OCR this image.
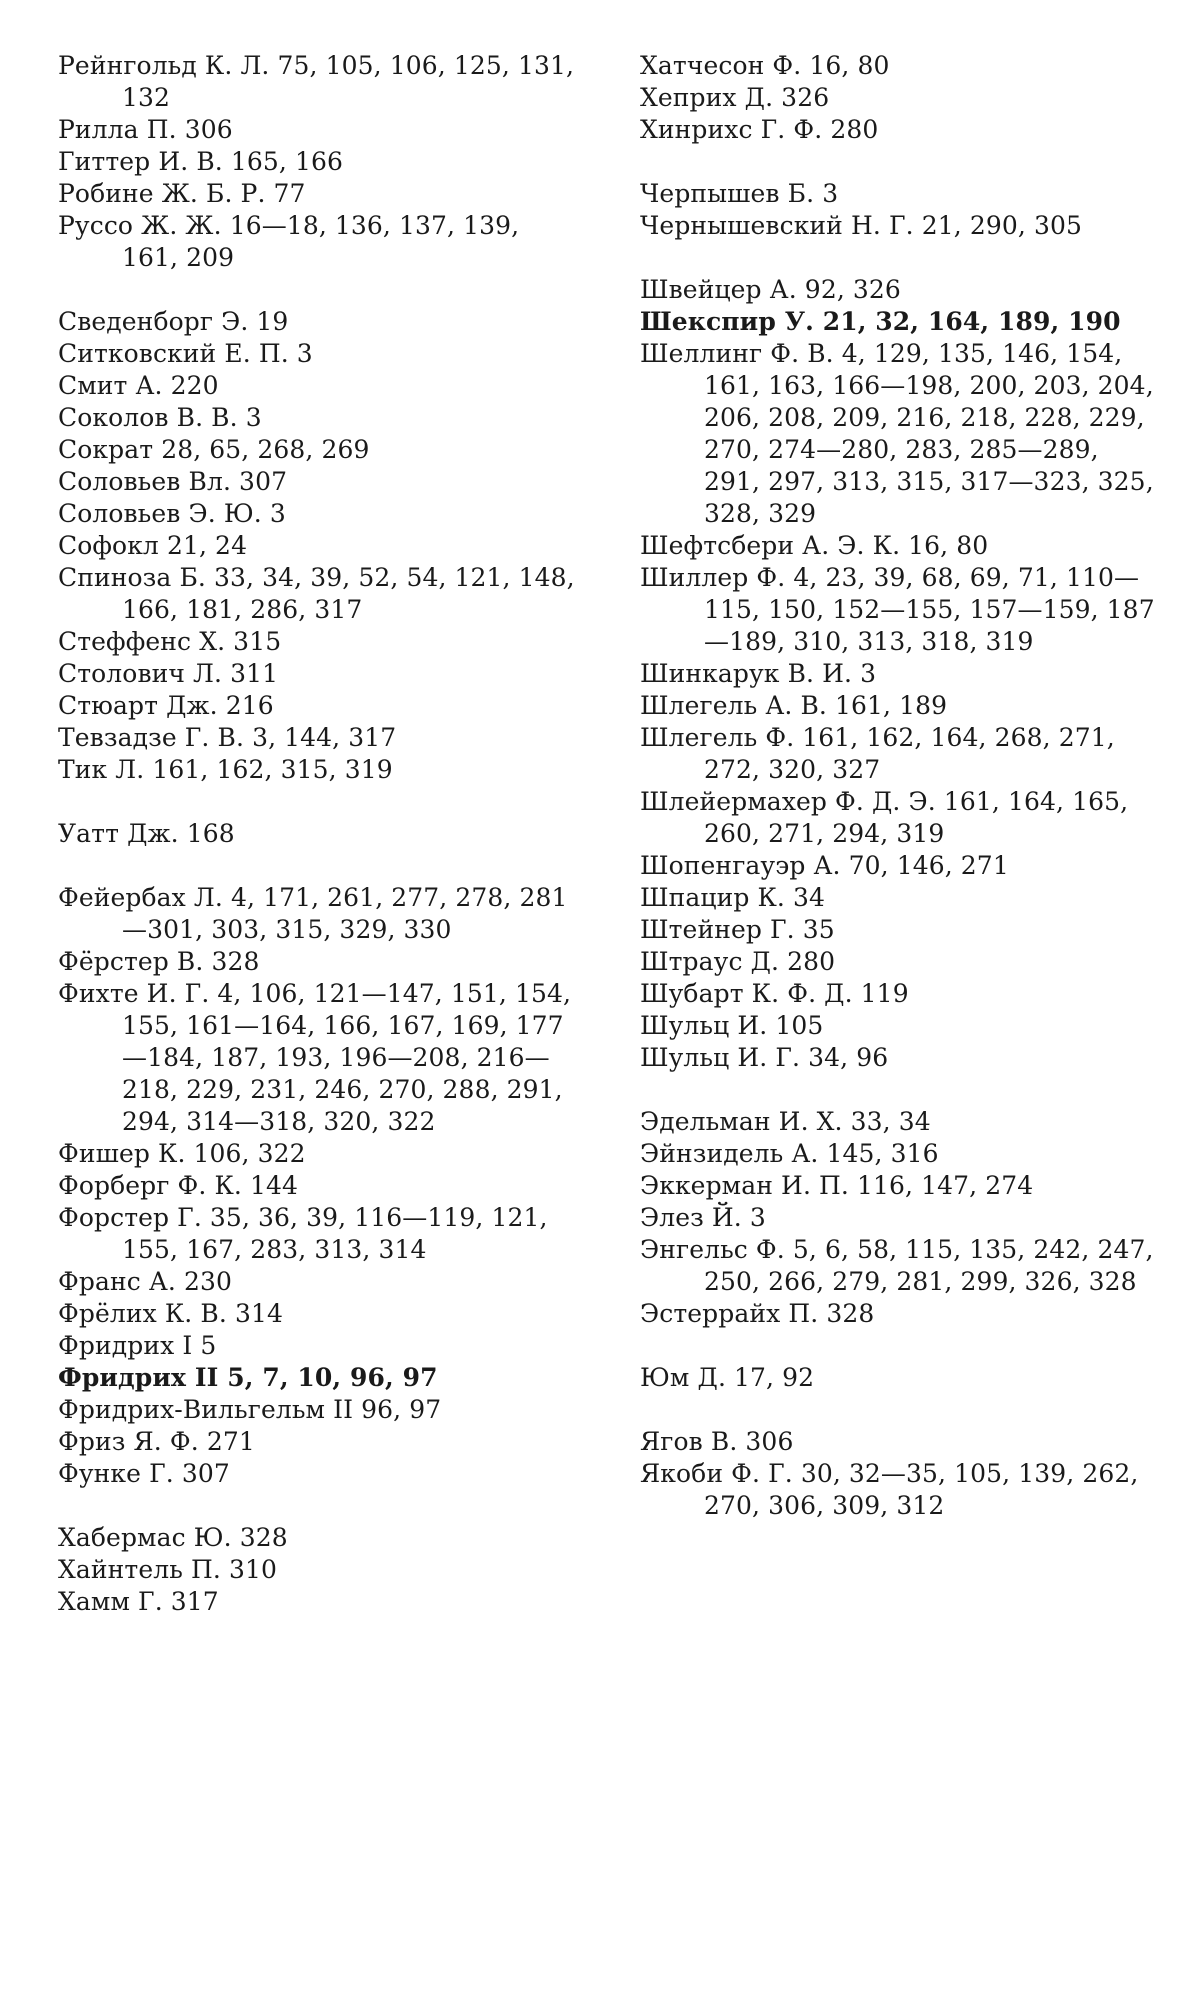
Рейнгольд К. Л. 75, 105, 106, 125, 131, 132
Рилла П. 306
Гиттер И. В. 165, 166
Робине Ж. Б. Р. 77
Руссо Ж. Ж. 16—18, 136, 137, 139, 161, 209
Сведенборг Э. 19
Ситковский Е. П. 3
Смит А. 220
Соколов В. В. 3
Сократ 28, 65, 268, 269
Соловьев Вл. 307
Соловьев Э. Ю. 3
Софокл 21, 24
Спиноза Б. 33, 34, 39, 52, 54, 121, 148, 166, 181, 286, 317
Стеффенс Х. 315
Столович Л. 311
Стюарт Дж. 216
Тевзадзе Г. В. 3, 144, 317
Тик Л. 161, 162, 315, 319
Уатт Дж. 168
Фейербах Л. 4, 171, 261, 277, 278, 281—301, 303, 315, 329, 330
Фёрстер В. 328
Фихте И. Г. 4, 106, 121—147, 151, 154, 155, 161—164, 166, 167, 169, 177—184, 187, 193, 196—208, 216—218, 229, 231, 246, 270, 288, 291, 294, 314—318, 320, 322
Фишер К. 106, 322
Форберг Ф. К. 144
Форстер Г. 35, 36, 39, 116—119, 121, 155, 167, 283, 313, 314
Франс А. 230
Фрёлих К. В. 314
Фридрих I 5
Фридрих II 5, 7, 10, 96, 97
Фридрих-Вильгельм II 96, 97
Фриз Я. Ф. 271
Функе Г. 307
Хабермас Ю. 328
Хайнтель П. 310
Хамм Г. 317
Хатчесон Ф. 16, 80
Хеприх Д. 326
Хинрихс Г. Ф. 280
Черпышев Б. 3
Чернышевский Н. Г. 21, 290, 305
Швейцер А. 92, 326
Шекспир У. 21, 32, 164, 189, 190
Шеллинг Ф. В. 4, 129, 135, 146, 154, 161, 163, 166—198, 200, 203, 204, 206, 208, 209, 216, 218, 228, 229, 270, 274—280, 283, 285—289, 291, 297, 313, 315, 317—323, 325, 328, 329
Шефтсбери А. Э. К. 16, 80
Шиллер Ф. 4, 23, 39, 68, 69, 71, 110—115, 150, 152—155, 157—159, 187—189, 310, 313, 318, 319
Шинкарук В. И. 3
Шлегель А. В. 161, 189
Шлегель Ф. 161, 162, 164, 268, 271, 272, 320, 327
Шлейермахер Ф. Д. Э. 161, 164, 165, 260, 271, 294, 319
Шопенгауэр А. 70, 146, 271
Шпацир К. 34
Штейнер Г. 35
Штраус Д. 280
Шубарт К. Ф. Д. 119
Шульц И. 105
Шульц И. Г. 34, 96
Эдельман И. Х. 33, 34
Эйнзидель А. 145, 316
Эккерман И. П. 116, 147, 274
Элез Й. 3
Энгельс Ф. 5, 6, 58, 115, 135, 242, 247, 250, 266, 279, 281, 299, 326, 328
Эстеррайх П. 328
Юм Д. 17, 92
Ягов В. 306
Якоби Ф. Г. 30, 32—35, 105, 139, 262, 270, 306, 309, 312
